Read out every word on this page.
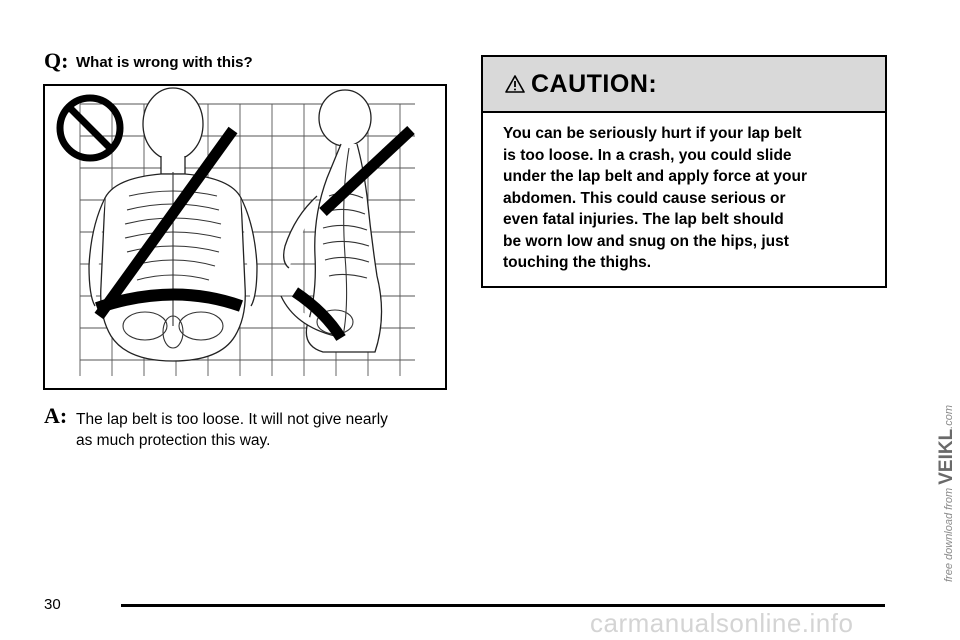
Q: What is wrong with this?
A: The lap belt is too loose. It will not give nearly
as much protection this way.
CAUTION:
You can be seriously hurt if your lap belt
is too loose. In a crash, you could slide
under the lap belt and apply force at your
abdomen. This could cause serious or
even fatal injuries. The lap belt should
be worn low and snug on the hips, just
touching the thighs.
30
carmanualsonline.info
free download from VEIKL.com
